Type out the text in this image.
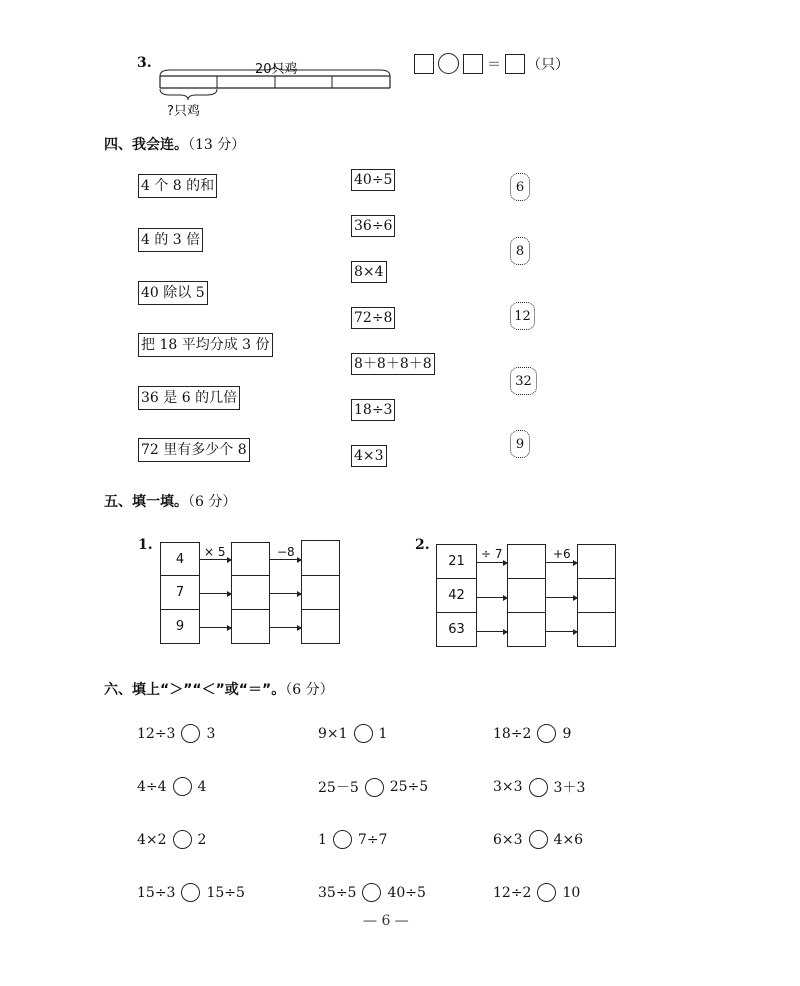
3.	20只鸡
?只鸡
＝ （只）
四、我会连。（13 分）
4 个 8 的和
4 的 3 倍
40 除以 5
把 18 平均分成 3 份
36 是 6 的几倍
72 里有多少个 8
40÷5
36÷6
8×4
72÷8
8＋8＋8＋8
18÷3
4×3
6
8
12
32
9
五、填一填。（6 分）
1.
4
7
9
× 5	−8	2.
21
42
63
÷ 7	+6
六、填上“＞”“＜”或“＝”。（6 分）
12÷3 3	9×1 1	18÷2 9
4÷4 4	25－5 25÷5	3×3 3＋3
4×2 2	1 7÷7	6×3 4×6
15÷3 15÷5	35÷5 40÷5	12÷2 10
— 6 —
